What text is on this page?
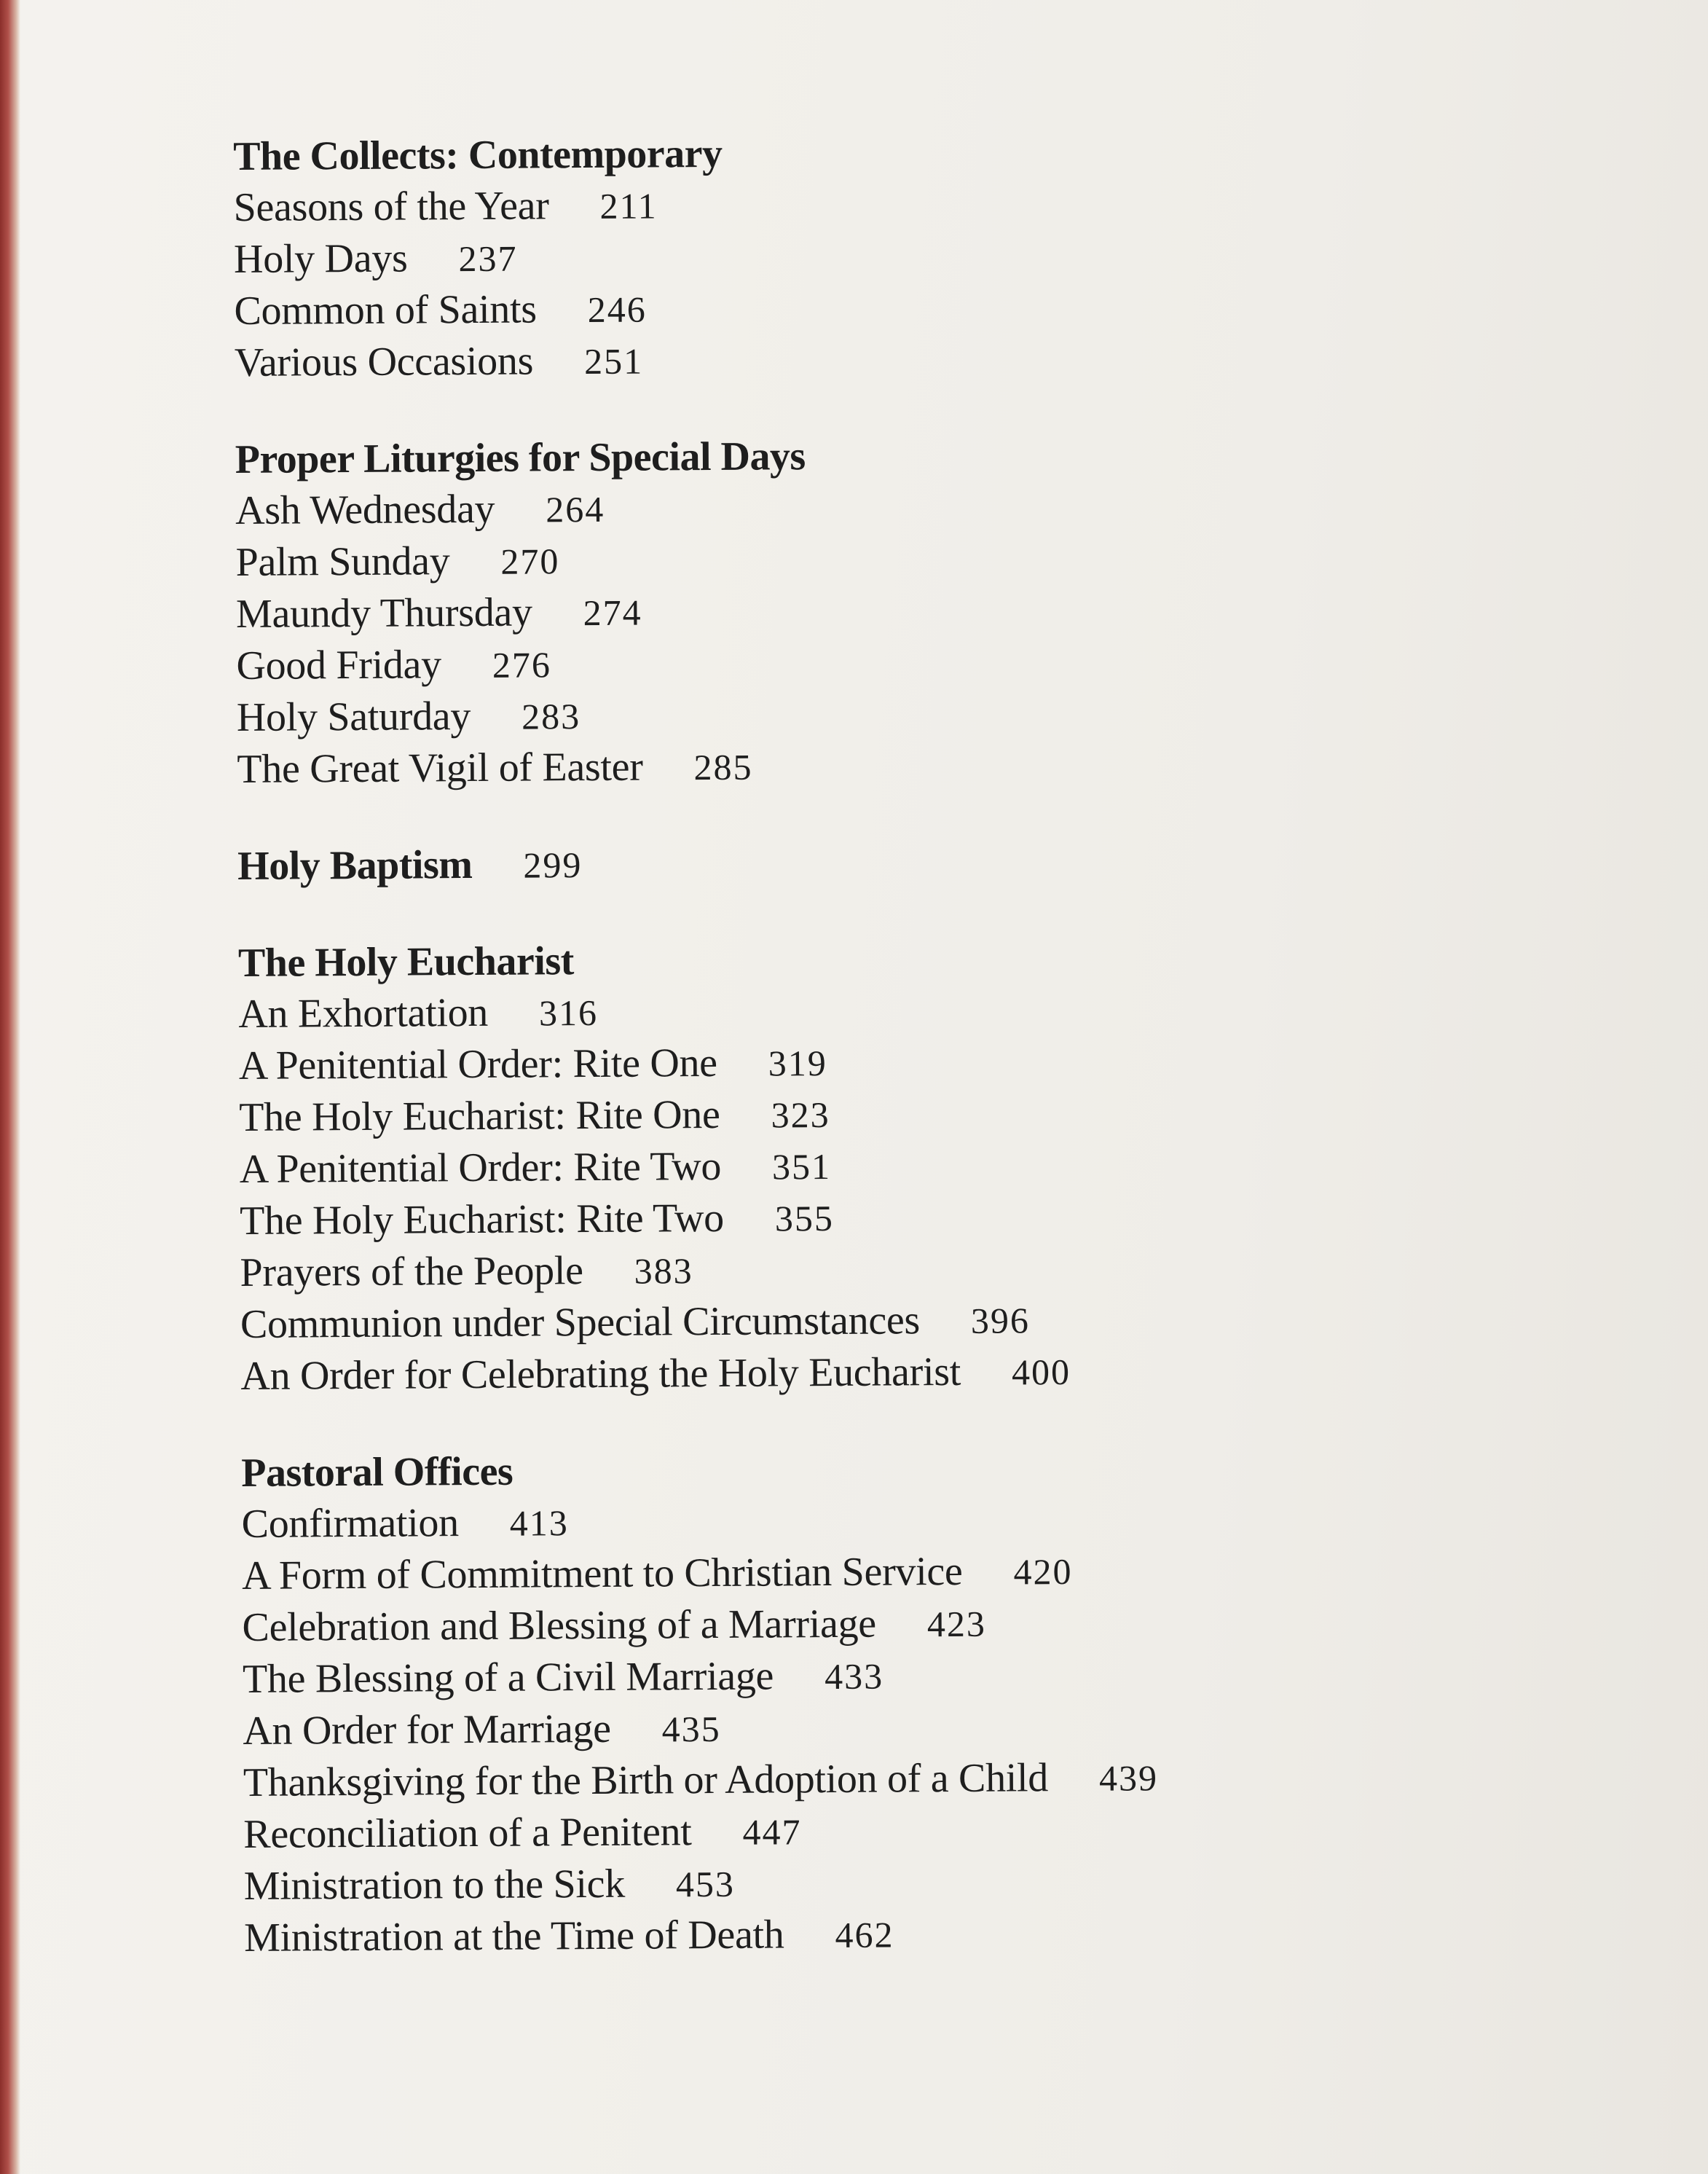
The Collects: Contemporary
Seasons of the Year 211
Holy Days 237
Common of Saints 246
Various Occasions 251
Proper Liturgies for Special Days
Ash Wednesday 264
Palm Sunday 270
Maundy Thursday 274
Good Friday 276
Holy Saturday 283
The Great Vigil of Easter 285
Holy Baptism 299
The Holy Eucharist
An Exhortation 316
A Penitential Order: Rite One 319
The Holy Eucharist: Rite One 323
A Penitential Order: Rite Two 351
The Holy Eucharist: Rite Two 355
Prayers of the People 383
Communion under Special Circumstances 396
An Order for Celebrating the Holy Eucharist 400
Pastoral Offices
Confirmation 413
A Form of Commitment to Christian Service 420
Celebration and Blessing of a Marriage 423
The Blessing of a Civil Marriage 433
An Order for Marriage 435
Thanksgiving for the Birth or Adoption of a Child 439
Reconciliation of a Penitent 447
Ministration to the Sick 453
Ministration at the Time of Death 462
